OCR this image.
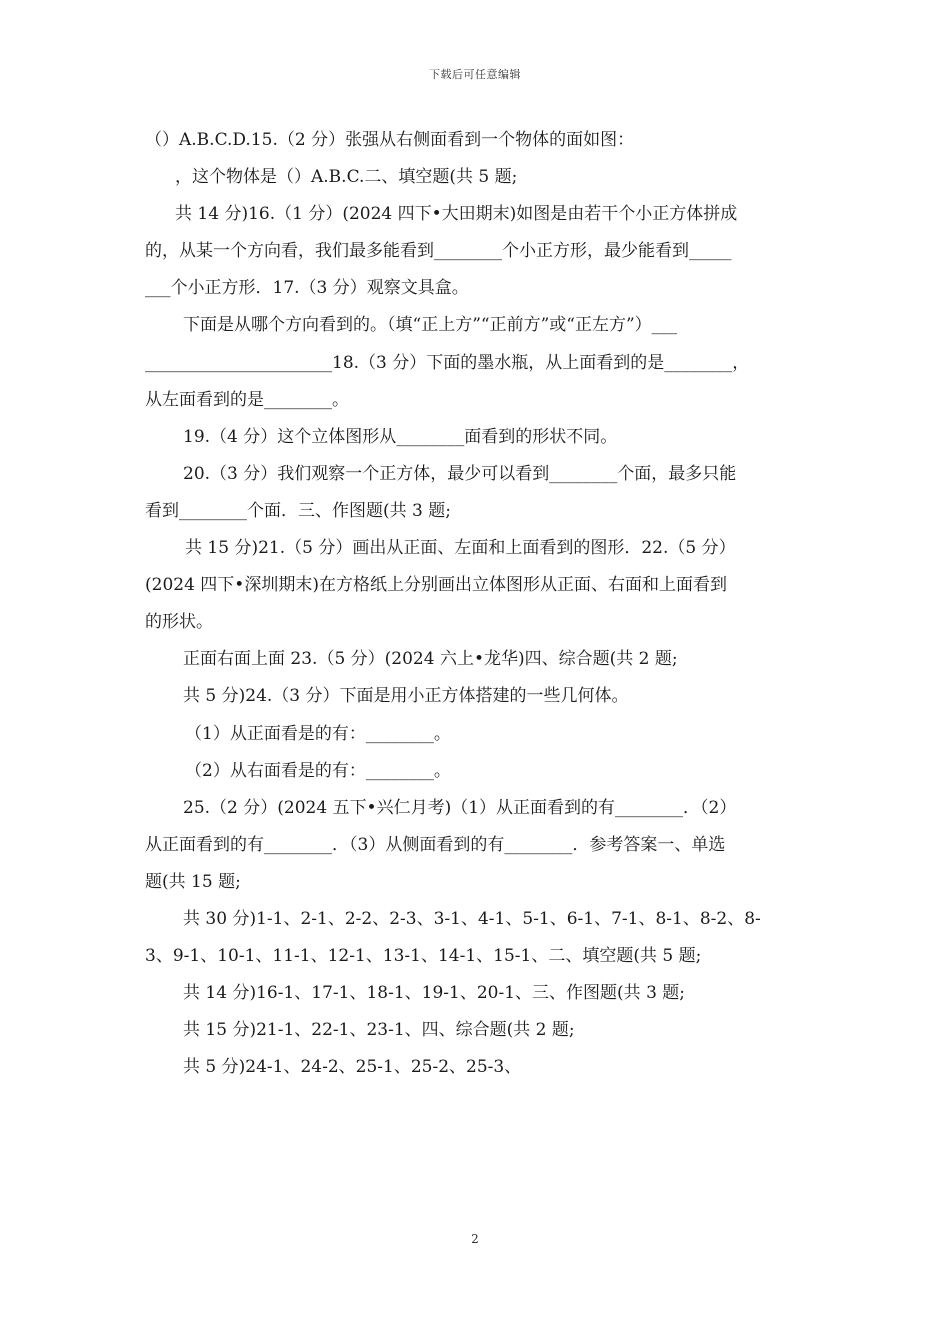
下载后可任意编辑
（）A.B.C.D.15.（2 分）张强从右侧面看到一个物体的面如图：
，这个物体是（）A.B.C.二、填空题(共 5 题;
共 14 分)16.（1 分）(2024 四下•大田期末)如图是由若干个小正方体拼成
的，从某一个方向看，我们最多能看到________个小正方形，最少能看到_____
___个小正方形．17.（3 分）观察文具盒。
下面是从哪个方向看到的。（填“正上方”“正前方”或“正左方”）___
______________________18.（3 分）下面的墨水瓶，从上面看到的是________，
从左面看到的是________。
19.（4 分）这个立体图形从________面看到的形状不同。
20.（3 分）我们观察一个正方体，最少可以看到________个面，最多只能
看到________个面．三、作图题(共 3 题;
共 15 分)21.（5 分）画出从正面、左面和上面看到的图形．22.（5 分）
(2024 四下•深圳期末)在方格纸上分别画出立体图形从正面、右面和上面看到
的形状。
正面右面上面 23.（5 分）(2024 六上•龙华)四、综合题(共 2 题;
共 5 分)24.（3 分）下面是用小正方体搭建的一些几何体。
（1）从正面看是的有：________。
（2）从右面看是的有：________。
25.（2 分）(2024 五下•兴仁月考)（1）从正面看到的有________．（2）
从正面看到的有________．（3）从侧面看到的有________．参考答案一、单选
题(共 15 题;
共 30 分)1-1、2-1、2-2、2-3、3-1、4-1、5-1、6-1、7-1、8-1、8-2、8-
3、9-1、10-1、11-1、12-1、13-1、14-1、15-1、二、填空题(共 5 题;
共 14 分)16-1、17-1、18-1、19-1、20-1、三、作图题(共 3 题;
共 15 分)21-1、22-1、23-1、四、综合题(共 2 题;
共 5 分)24-1、24-2、25-1、25-2、25-3、
2
